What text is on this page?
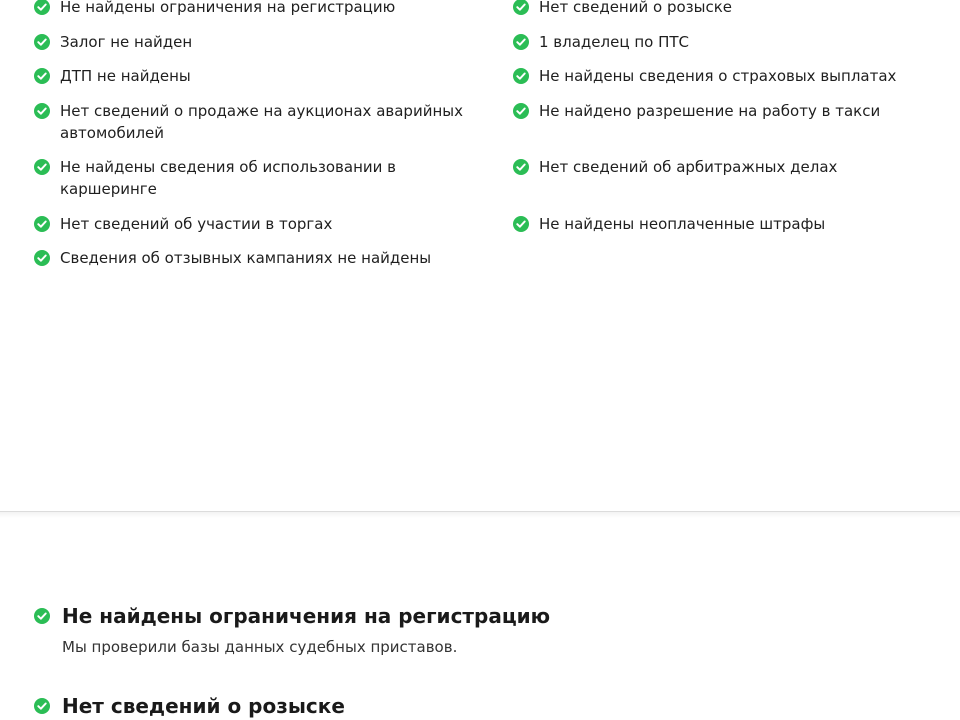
Не найдены ограничения на регистрацию
Залог не найден
ДТП не найдены
Нет сведений о продаже на аукционах аварийных автомобилей
Не найдены сведения об использовании в каршеринге
Нет сведений об участии в торгах
Сведения об отзывных кампаниях не найдены
Нет сведений о розыске
1 владелец по ПТС
Не найдены сведения о страховых выплатах
Не найдено разрешение на работу в такси
Нет сведений об арбитражных делах
Не найдены неоплаченные штрафы
Не найдены ограничения на регистрацию
Мы проверили базы данных судебных приставов.
Нет сведений о розыске
